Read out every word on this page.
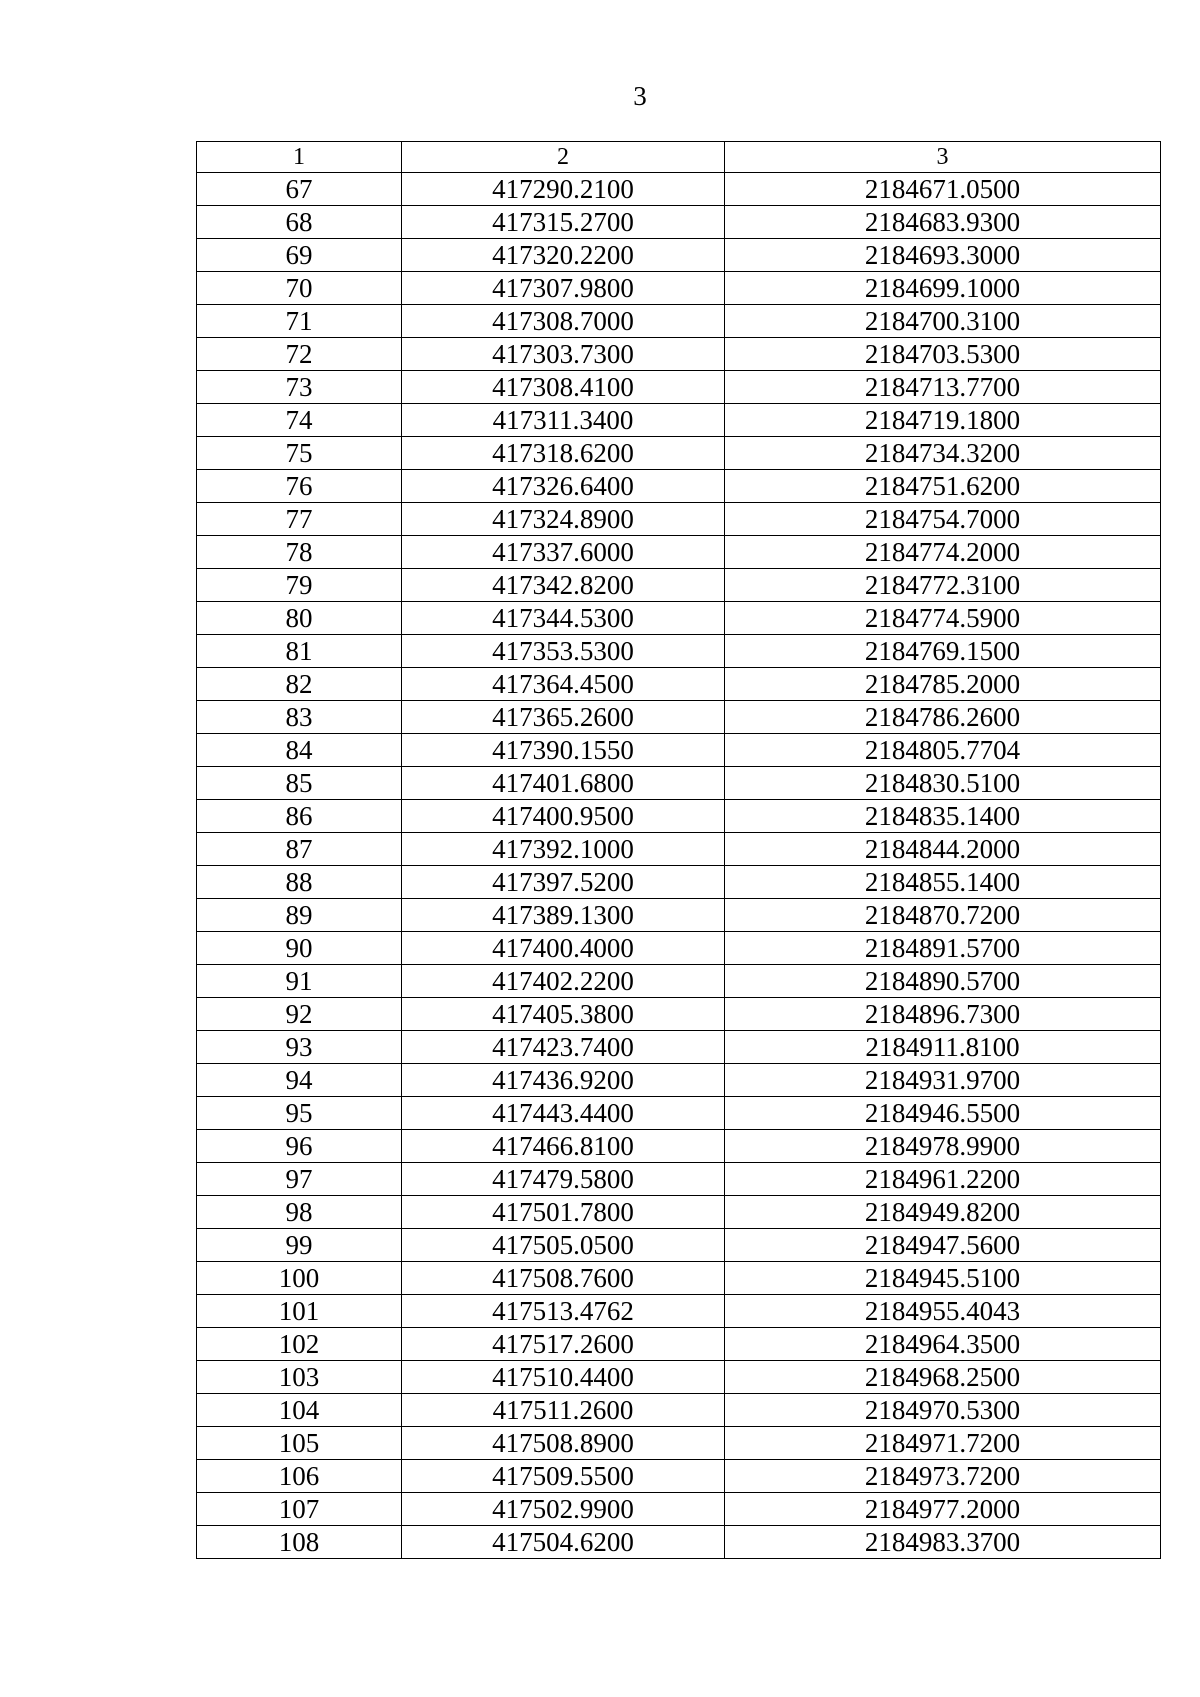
3
1	2	3
67	417290.2100	2184671.0500
68	417315.2700	2184683.9300
69	417320.2200	2184693.3000
70	417307.9800	2184699.1000
71	417308.7000	2184700.3100
72	417303.7300	2184703.5300
73	417308.4100	2184713.7700
74	417311.3400	2184719.1800
75	417318.6200	2184734.3200
76	417326.6400	2184751.6200
77	417324.8900	2184754.7000
78	417337.6000	2184774.2000
79	417342.8200	2184772.3100
80	417344.5300	2184774.5900
81	417353.5300	2184769.1500
82	417364.4500	2184785.2000
83	417365.2600	2184786.2600
84	417390.1550	2184805.7704
85	417401.6800	2184830.5100
86	417400.9500	2184835.1400
87	417392.1000	2184844.2000
88	417397.5200	2184855.1400
89	417389.1300	2184870.7200
90	417400.4000	2184891.5700
91	417402.2200	2184890.5700
92	417405.3800	2184896.7300
93	417423.7400	2184911.8100
94	417436.9200	2184931.9700
95	417443.4400	2184946.5500
96	417466.8100	2184978.9900
97	417479.5800	2184961.2200
98	417501.7800	2184949.8200
99	417505.0500	2184947.5600
100	417508.7600	2184945.5100
101	417513.4762	2184955.4043
102	417517.2600	2184964.3500
103	417510.4400	2184968.2500
104	417511.2600	2184970.5300
105	417508.8900	2184971.7200
106	417509.5500	2184973.7200
107	417502.9900	2184977.2000
108	417504.6200	2184983.3700
